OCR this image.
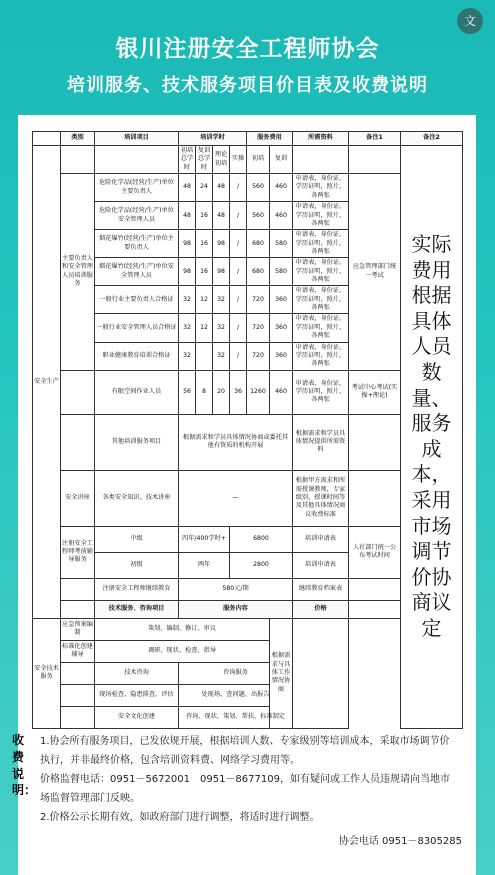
文
银川注册安全工程师协会
培训服务、技术服务项目价目表及收费说明
	类别	培训项目	培训学时				服务费用		所需资料	备注1	备注2
安全生产			初培总学时	复训总学时	理论初培	实操	初培	复训			实际费用根据具体人员数量、服务成本，采用市场调节价协商议定
	主要负责人和安全管理人员培训服务	危险化学品(经营/生产)单位主要负责人	48	24	48	/	560	460	申请表，身份证，学历证明，照片，各两张	应急管理部门统一考试	
		危险化学品(经营/生产)单位安全管理人员	48	16	48	/	560	460	申请表，身份证，学历证明，照片，各两张		
		烟花爆竹(经营/生产)单位主要负责人	98	16	98	/	680	580	申请表，身份证，学历证明，照片，各两张		
		烟花爆竹(经营/生产)单位安全管理人员	98	16	98	/	680	580	申请表，身份证，学历证明，照片，各两张		
		一般行业主要负责人合格证	32	12	32	/	720	360	申请表，身份证，学历证明，照片，各两张		
		一般行业安全管理人员合格证	32	12	32	/	720	360	申请表，身份证，学历证明，照片，各两张		
		职业健康教育培训合格证	32		32	/	720	360	申请表，身份证，学历证明，照片，各两张		
		有限空间作业人员	56	8	20	36	1260	460	申请表，身份证，学历证明，照片，各两张	考试中心考试(实操+理论)	
		其他培训服务项目	根据需求和学员具体情况协商或委托其他有资质的机构开展						根据需求和学员具体情况提供所需资料		
	安全讲座	各类安全知识、技术讲座	—						根据甲方需求和所需授课教师，专家级别、授课时间等及其他具体情况商议收费标准		
	注册安全工程师考前辅导服务	中级	四年/400学时+			6800			培训申请表	人社部门统一公布考试时间	
		初级	两年			2800			培训申请表		
		注册安全工程师继续教育	580元/期						继续教育档案表		
		技术服务、咨询项目	服务内容						价格		
安全技术服务	应急预案编制	策划、编制、修订、审议						根据需求与具体工作情况协商			
	标准化创建辅导	调研、现状、检查、指导									
		技术咨询	咨询服务								
		现场检查、隐患排查、评估	处现场、查问题、出报告								
		安全文化创建	咨询、现状、策划、帮扶、标准制定								
协会电话 0951－8305285
收费说明：
1.协会所有服务项目，已发依规开展，根据培训人数、专家级别等培训成本，采取市场调节价执行，并非最终价格，包含培训资料费、网络学习费用等。
价格监督电话：0951－5672001　0951－8677109，如有疑问或工作人员违规请向当地市场监督管理部门反映。
2.价格公示长期有效，如政府部门进行调整，将适时进行调整。
